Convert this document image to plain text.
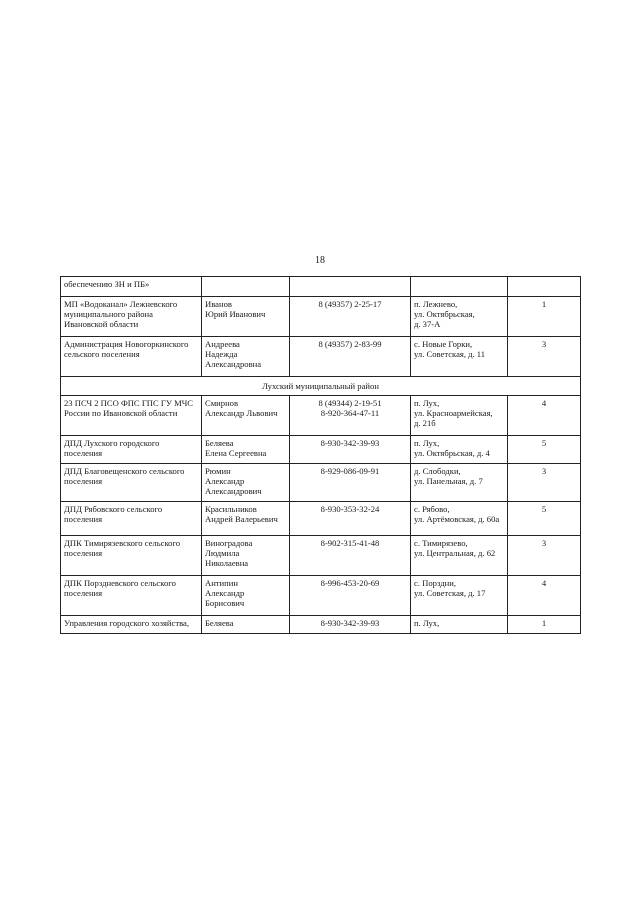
18
обеспечению ЗН и ПБ»				

МП «Водоканал» Лежневского
муниципального района
Ивановской области	Иванов
Юрий Иванович	8 (49357) 2-25-17	п. Лежнево,
ул. Октябрьская,
д. 37-А	1

Администрация Новогоркинского
сельского поселения	Андреева
Надежда
Александровна	8 (49357) 2-83-99	с. Новые Горки,
ул. Советская, д. 11	3
Лухский муниципальный район				

23 ПСЧ 2 ПСО ФПС ГПС ГУ МЧС
России по Ивановской области	Смирнов
Александр Львович	8 (49344) 2-19-51
8-920-364-47-11	п. Лух,
ул. Красноармейская,
д. 21б	4

ДПД Лухского городского
поселения	Беляева
Елена Сергеевна	8-930-342-39-93	п. Лух,
ул. Октябрьская, д. 4	5

ДПД Благовещенского сельского
поселения	Рюмин
Александр
Александрович	8-929-086-09-91	д. Слободки,
ул. Панельная, д. 7	3

ДПД Рябовского сельского
поселения	Красильников
Андрей Валерьевич	8-930-353-32-24	с. Рябово,
ул. Артёмовская, д. 60а	5

ДПК Тимирязевского сельского
поселения	Виноградова
Людмила
Николаевна	8-902-315-41-48	с. Тимирязево,
ул. Центральная, д. 62	3

ДПК Порздневского сельского
поселения	Антипин
Александр
Борисович	8-996-453-20-69	с. Порздни,
ул. Советская, д. 17	4

Управления городского хозяйства,	Беляева	8-930-342-39-93	п. Лух,	1
